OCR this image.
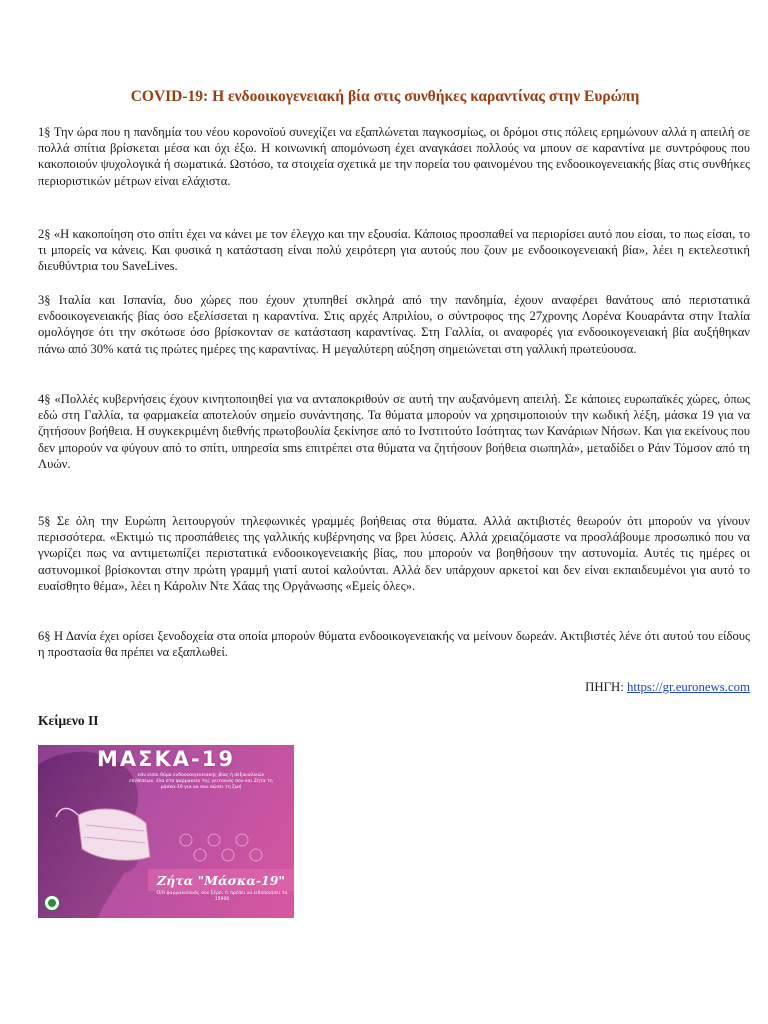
COVID-19: Η ενδοοικογενειακή βία στις συνθήκες καραντίνας στην Ευρώπη

1§ Την ώρα που η πανδημία του νέου κορονοϊού συνεχίζει να εξαπλώνεται παγκοσμίως, οι δρόμοι στις πόλεις ερημώνουν αλλά η απειλή σε πολλά σπίτια βρίσκεται μέσα και όχι έξω. Η κοινωνική απομόνωση έχει αναγκάσει πολλούς να μπουν σε καραντίνα με συντρόφους που κακοποιούν ψυχολογικά ή σωματικά. Ωστόσο, τα στοιχεία σχετικά με την πορεία του φαινομένου της ενδοοικογενειακής βίας στις συνθήκες περιοριστικών μέτρων είναι ελάχιστα.

2§ «Η κακοποίηση στο σπίτι έχει να κάνει με τον έλεγχο και την εξουσία. Κάποιος προσπαθεί να περιορίσει αυτό που είσαι, το πως είσαι, το τι μπορείς να κάνεις. Και φυσικά η κατάσταση είναι πολύ χειρότερη για αυτούς που ζουν με ενδοοικογενειακή βία», λέει η εκτελεστική διευθύντρια του SaveLives.

3§ Ιταλία και Ισπανία, δυο χώρες που έχουν χτυπηθεί σκληρά από την πανδημία, έχουν αναφέρει θανάτους από περιστατικά ενδοοικογενειακής βίας όσο εξελίσσεται η καραντίνα. Στις αρχές Απριλίου, ο σύντροφος της 27χρονης Λορένα Κουαράντα στην Ιταλία ομολόγησε ότι την σκότωσε όσο βρίσκονταν σε κατάσταση καραντίνας. Στη Γαλλία, οι αναφορές για ενδοοικογενειακή βία αυξήθηκαν πάνω από 30% κατά τις πρώτες ημέρες της καραντίνας. Η μεγαλύτερη αύξηση σημειώνεται στη γαλλική πρωτεύουσα.

4§ «Πολλές κυβερνήσεις έχουν κινητοποιηθεί για να ανταποκριθούν σε αυτή την αυξανόμενη απειλή. Σε κάποιες ευρωπαϊκές χώρες, όπως εδώ στη Γαλλία, τα φαρμακεία αποτελούν σημείο συνάντησης. Τα θύματα μπορούν να χρησιμοποιούν την κωδική λέξη, μάσκα 19 για να ζητήσουν βοήθεια. Η συγκεκριμένη διεθνής πρωτοβουλία ξεκίνησε από το Ινστιτούτο Ισότητας των Κανάριων Νήσων. Και για εκείνους που δεν μπορούν να φύγουν από το σπίτι, υπηρεσία sms επιτρέπει στα θύματα να ζητήσουν βοήθεια σιωπηλά», μεταδίδει ο Ράιν Τόμσον από τη Λυών.

5§ Σε όλη την Ευρώπη λειτουργούν τηλεφωνικές γραμμές βοήθειας στα θύματα. Αλλά ακτιβιστές θεωρούν ότι μπορούν να γίνουν περισσότερα. «Εκτιμώ τις προσπάθειες της γαλλικής κυβέρνησης να βρει λύσεις. Αλλά χρειαζόμαστε να προσλάβουμε προσωπικό που να γνωρίζει πως να αντιμετωπίζει περιστατικά ενδοοικογενειακής βίας, που μπορούν να βοηθήσουν την αστυνομία. Αυτές τις ημέρες οι αστυνομικοί βρίσκονται στην πρώτη γραμμή γιατί αυτοί καλούνται. Αλλά δεν υπάρχουν αρκετοί και δεν είναι εκπαιδευμένοι για αυτό το ευαίσθητο θέμα», λέει η Κάρολιν Ντε Χάας της Οργάνωσης «Εμείς όλες».

6§ Η Δανία έχει ορίσει ξενοδοχεία στα οποία μπορούν θύματα ενδοοικογενειακής να μείνουν δωρεάν. Ακτιβιστές λένε ότι αυτού του είδους η προστασία θα πρέπει να εξαπλωθεί.

ΠΗΓΗ: https://gr.euronews.com
Κείμενο ΙΙ
ΜΑΣΚΑ-19
εάν είσαι θύμα ενδοοικογενειακής βίας ή σεξουαλικών επιθέσεων, έλα στο φαρμακείο της γειτονιάς σου και Ζήτα τη μάσκα-19 για να σου σώσει τη ζωή
Ζήτα "Μάσκα-19"
Ο/Η φαρμακοποιός σου ξέρει τι πρέπει να ειδοποιήσει τα 15900
